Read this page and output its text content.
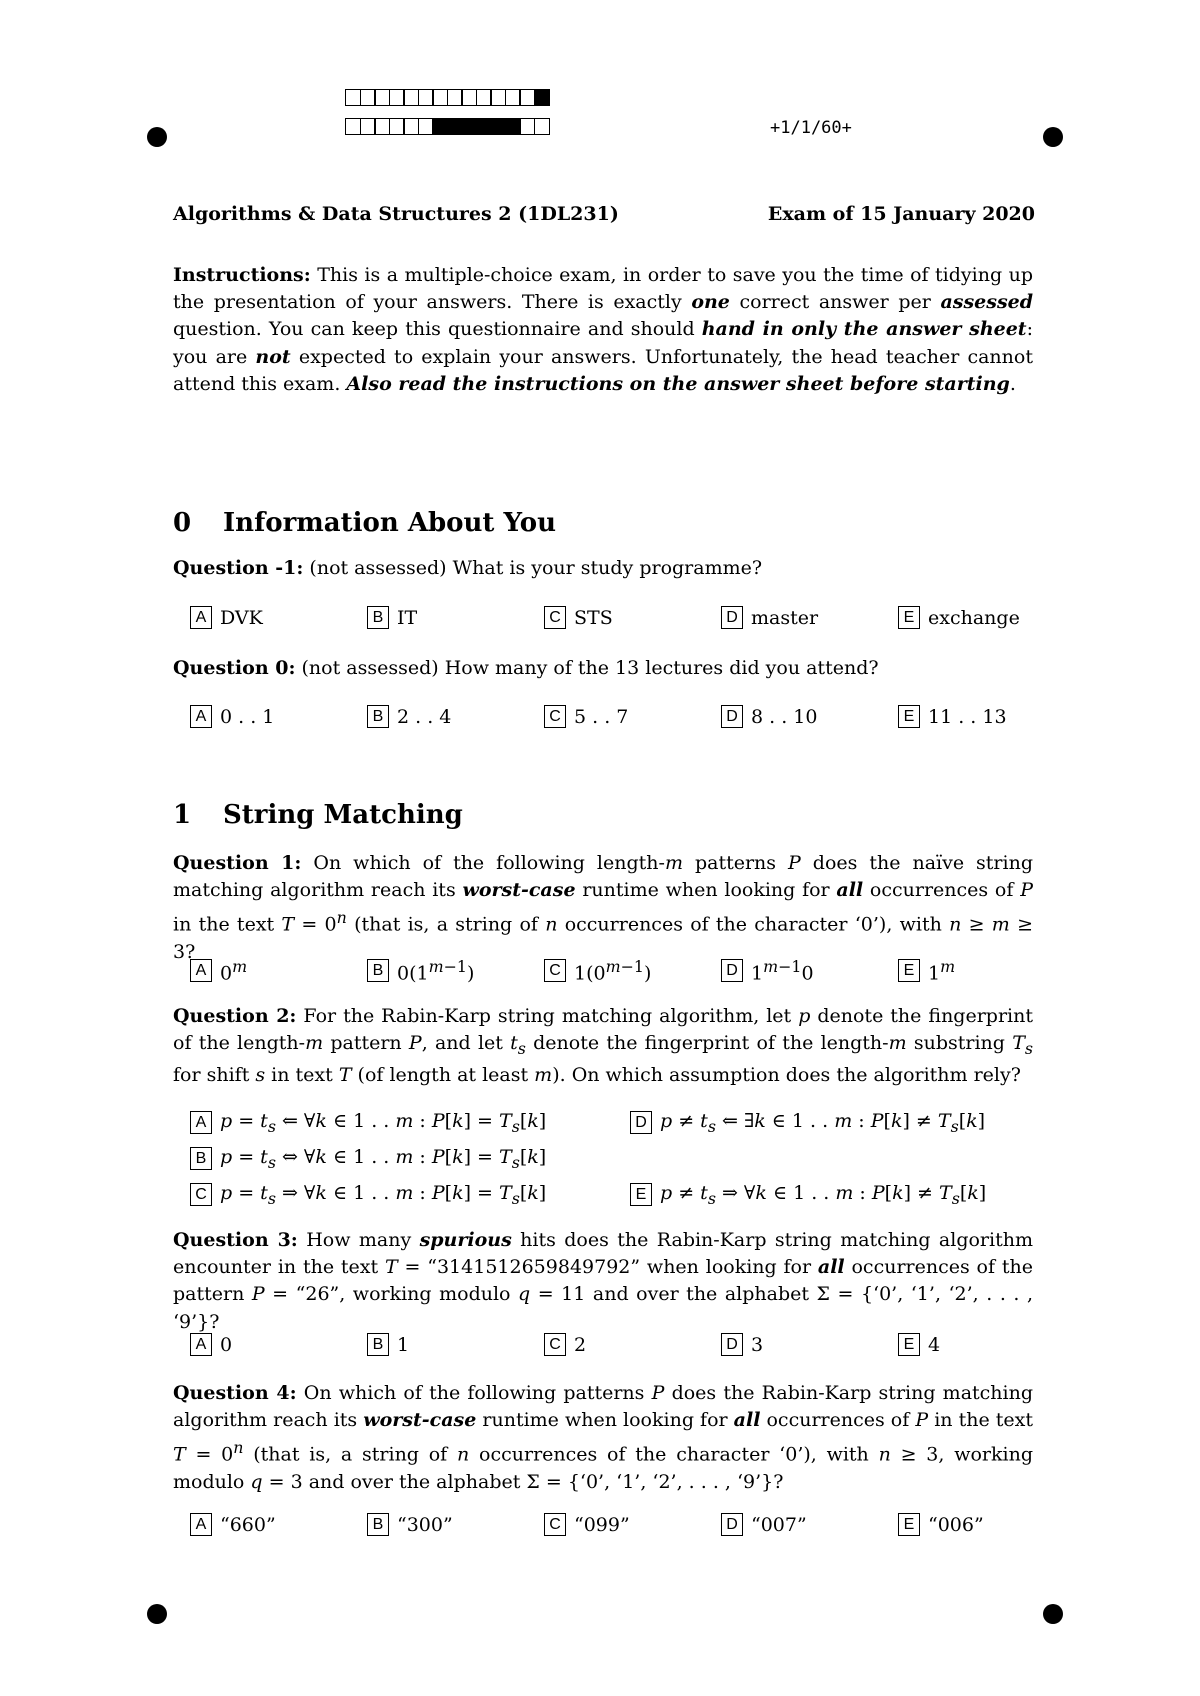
+1/1/60+
Algorithms & Data Structures 2 (1DL231)	Exam of 15 January 2020
Instructions: This is a multiple-choice exam, in order to save you the time of tidying up the presentation of your answers. There is exactly one correct answer per assessed question. You can keep this questionnaire and should hand in only the answer sheet: you are not expected to explain your answers. Unfortunately, the head teacher cannot attend this exam. Also read the instructions on the answer sheet before starting.
0 Information About You
Question -1: (not assessed) What is your study programme?
A DVK	B IT	C STS	D master	E exchange
Question 0: (not assessed) How many of the 13 lectures did you attend?
A 0 . . 1	B 2 . . 4	C 5 . . 7	D 8 . . 10	E 11 . . 13
1 String Matching
Question 1: On which of the following length-m patterns P does the naïve string matching algorithm reach its worst-case runtime when looking for all occurrences of P in the text $T = 0^n$ (that is, a string of n occurrences of the character ‘0’), with n ≥ m ≥ 3?
A 0$^m$	B $0(1^{m-1})$	C $1(0^{m-1})$	D $1^{m-1}0$	E 1$^m$
Question 2: For the Rabin-Karp string matching algorithm, let p denote the fingerprint of the length-m pattern P, and let $t_s$ denote the fingerprint of the length-m substring $T_s$ for shift s in text T (of length at least m). On which assumption does the algorithm rely?
A $p = t_s$ ⇐ ∀k ∈ 1 . . m : $P[k] = T_s[k]$
B $p = t_s$ ⇔ ∀k ∈ 1 . . m : $P[k] = T_s[k]$
C $p = t_s$ ⇒ ∀k ∈ 1 . . m : $P[k] = T_s[k]$
D $p \ne t_s$ ⇐ ∃k ∈ 1 . . m : $P[k] \ne T_s[k]$
E $p \ne t_s$ ⇒ ∀k ∈ 1 . . m : $P[k] \ne T_s[k]$
Question 3: How many spurious hits does the Rabin-Karp string matching algorithm encounter in the text T = “3141512659849792” when looking for all occurrences of the pattern P = “26”, working modulo q = 11 and over the alphabet Σ = {‘0’, ‘1’, ‘2’, . . . , ‘9’}?
A 0	B 1	C 2	D 3	E 4
Question 4: On which of the following patterns P does the Rabin-Karp string matching algorithm reach its worst-case runtime when looking for all occurrences of P in the text $T = 0^n$ (that is, a string of n occurrences of the character ‘0’), with n ≥ 3, working modulo q = 3 and over the alphabet Σ = {‘0’, ‘1’, ‘2’, . . . , ‘9’}?
A “660”	B “300”	C “099”	D “007”	E “006”
